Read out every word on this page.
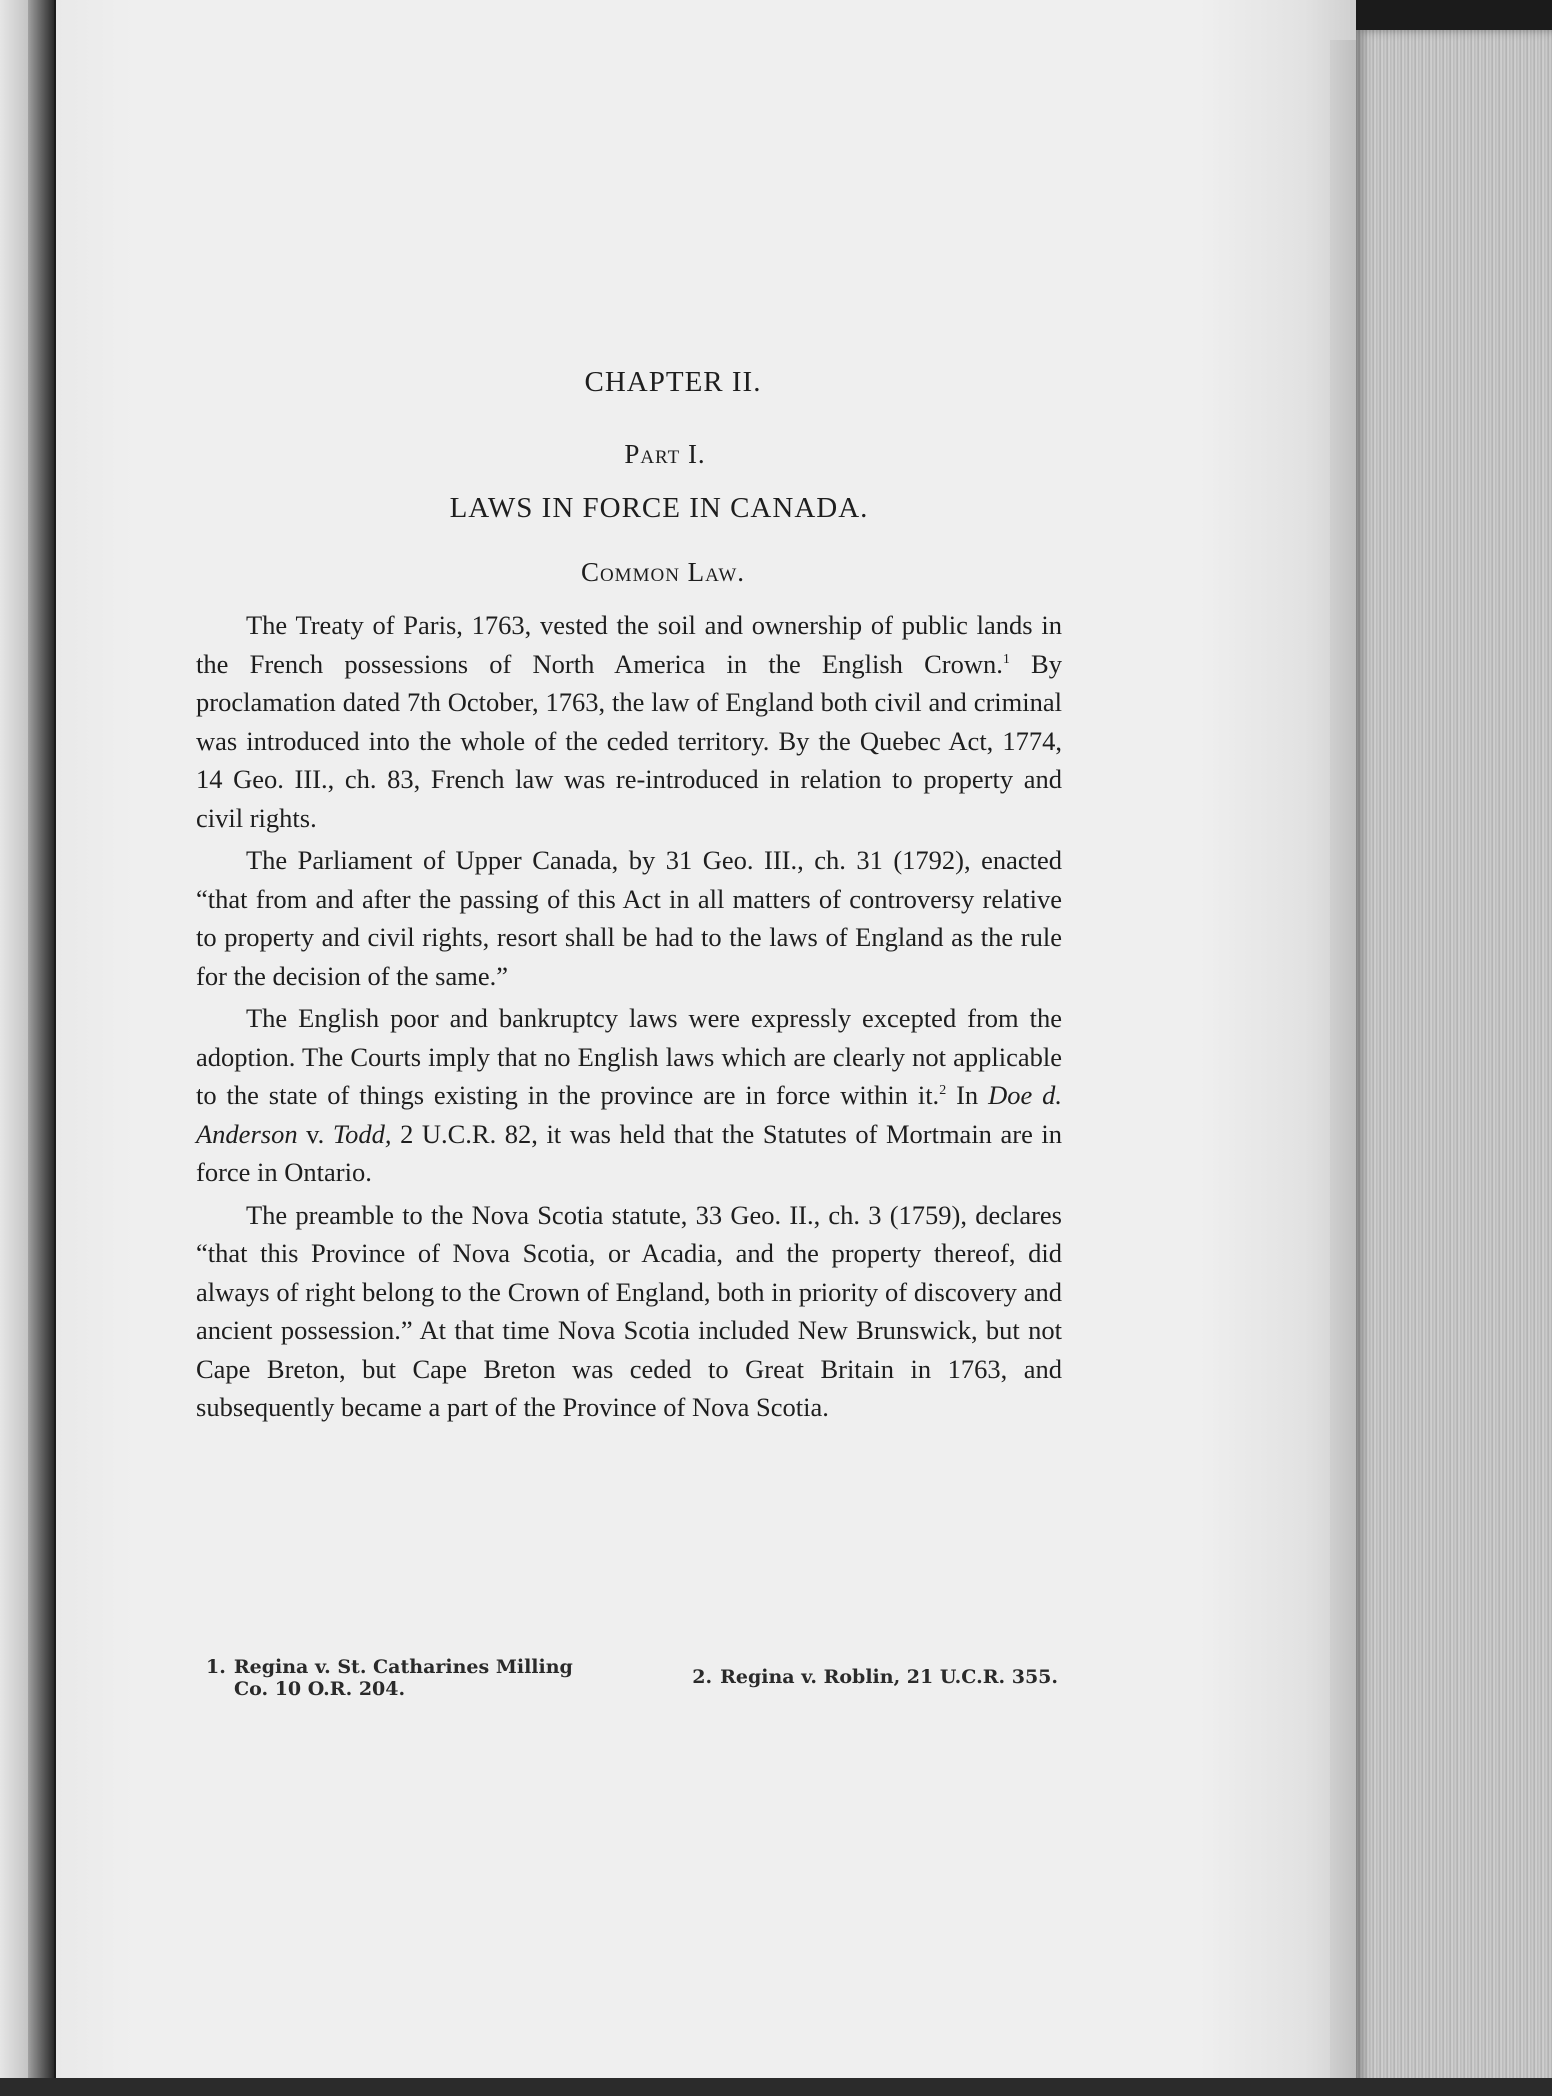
CHAPTER II.
Part I.
LAWS IN FORCE IN CANADA.
Common Law.

The Treaty of Paris, 1763, vested the soil and ownership of public lands in the French possessions of North America in the English Crown.$^1$ By proclamation dated 7th October, 1763, the law of England both civil and criminal was introduced into the whole of the ceded territory. By the Quebec Act, 1774, 14 Geo. III., ch. 83, French law was re-introduced in relation to property and civil rights.

The Parliament of Upper Canada, by 31 Geo. III., ch. 31 (1792), enacted “that from and after the passing of this Act in all matters of controversy relative to property and civil rights, resort shall be had to the laws of England as the rule for the decision of the same.”

The English poor and bankruptcy laws were expressly excepted from the adoption. The Courts imply that no English laws which are clearly not applicable to the state of things existing in the province are in force within it.$^2$ In Doe d. Anderson v. Todd, 2 U.C.R. 82, it was held that the Statutes of Mortmain are in force in Ontario.

The preamble to the Nova Scotia statute, 33 Geo. II., ch. 3 (1759), declares “that this Province of Nova Scotia, or Acadia, and the property thereof, did always of right belong to the Crown of England, both in priority of discovery and ancient possession.” At that time Nova Scotia included New Brunswick, but not Cape Breton, but Cape Breton was ceded to Great Britain in 1763, and subsequently became a part of the Province of Nova Scotia.

1. Regina v. St. Catharines Milling
Co. 10 O.R. 204.
2. Regina v. Roblin, 21 U.C.R. 355.
